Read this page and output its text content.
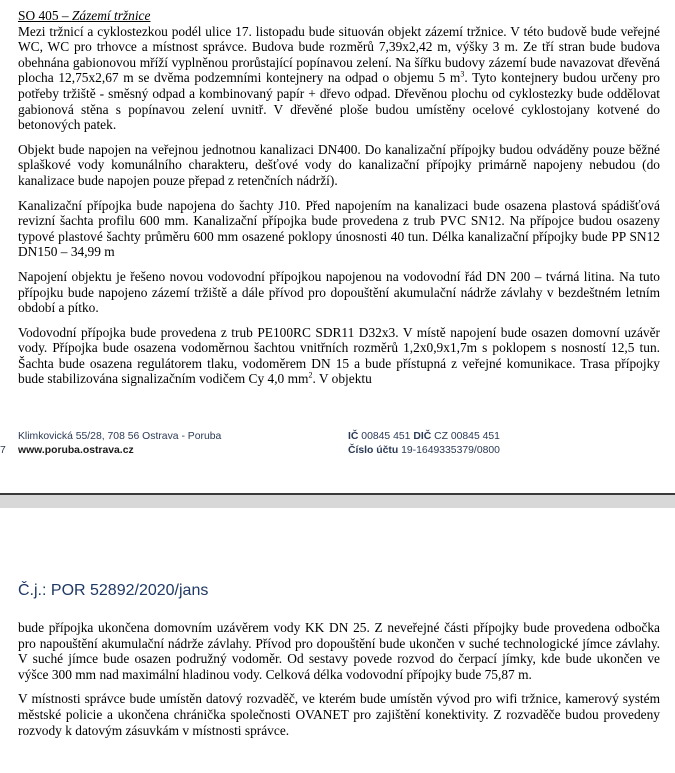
SO 405 – Zázemí tržnice

Mezi tržnicí a cyklostezkou podél ulice 17. listopadu bude situován objekt zázemí tržnice. V této budově bude veřejné WC, WC pro trhovce a místnost správce. Budova bude rozměrů 7,39x2,42 m, výšky 3 m. Ze tří stran bude budova obehnána gabionovou mříží vyplněnou prorůstající popínavou zelení. Na šířku budovy zázemí bude navazovat dřevěná plocha 12,75x2,67 m se dvěma podzemními kontejnery na odpad o objemu 5 $m^3$. Tyto kontejnery budou určeny pro potřeby tržiště - směsný odpad a kombinovaný papír + dřevo odpad. Dřevěnou plochu od cyklostezky bude oddělovat gabionová stěna s popínavou zelení uvnitř. V dřevěné ploše budou umístěny ocelové cyklostojany kotvené do betonových patek.

Objekt bude napojen na veřejnou jednotnou kanalizaci DN400. Do kanalizační přípojky budou odváděny pouze běžné splaškové vody komunálního charakteru, dešťové vody do kanalizační přípojky primárně napojeny nebudou (do kanalizace bude napojen pouze přepad z retenčních nádrží).

Kanalizační přípojka bude napojena do šachty J10. Před napojením na kanalizaci bude osazena plastová spádišťová revizní šachta profilu 600 mm. Kanalizační přípojka bude provedena z trub PVC SN12. Na přípojce budou osazeny typové plastové šachty průměru 600 mm osazené poklopy únosnosti 40 tun. Délka kanalizační přípojky bude PP SN12 DN150 – 34,99 m

Napojení objektu je řešeno novou vodovodní přípojkou napojenou na vodovodní řád DN 200 – tvárná litina. Na tuto přípojku bude napojeno zázemí tržiště a dále přívod pro dopouštění akumulační nádrže závlahy v bezdeštném letním období a pítko.

Vodovodní přípojka bude provedena z trub PE100RC SDR11 D32x3. V místě napojení bude osazen domovní uzávěr vody. Přípojka bude osazena vodoměrnou šachtou vnitřních rozměrů 1,2x0,9x1,7m s poklopem s nosností 12,5 tun. Šachta bude osazena regulátorem tlaku, vodoměrem DN 15 a bude přístupná z veřejné komunikace. Trasa přípojky bude stabilizována signalizačním vodičem Cy 4,0 $mm^2$. V objektu

Klimkovická 55/28, 708 56 Ostrava - Poruba
www.poruba.ostrava.cz
7
IČ 00845 451 DIČ CZ 00845 451
Číslo účtu 19-1649335379/0800
Č.j.: POR 52892/2020/jans

bude přípojka ukončena domovním uzávěrem vody KK DN 25. Z neveřejné části přípojky bude provedena odbočka pro napouštění akumulační nádrže závlahy. Přívod pro dopouštění bude ukončen v suché technologické jímce závlahy. V suché jímce bude osazen podružný vodoměr. Od sestavy povede rozvod do čerpací jímky, kde bude ukončen ve výšce 300 mm nad maximální hladinou vody. Celková délka vodovodní přípojky bude 75,87 m.

V místnosti správce bude umístěn datový rozvaděč, ve kterém bude umístěn vývod pro wifi tržnice, kamerový systém městské policie a ukončena chránička společnosti OVANET pro zajištění konektivity. Z rozvaděče budou provedeny rozvody k datovým zásuvkám v místnosti správce.
